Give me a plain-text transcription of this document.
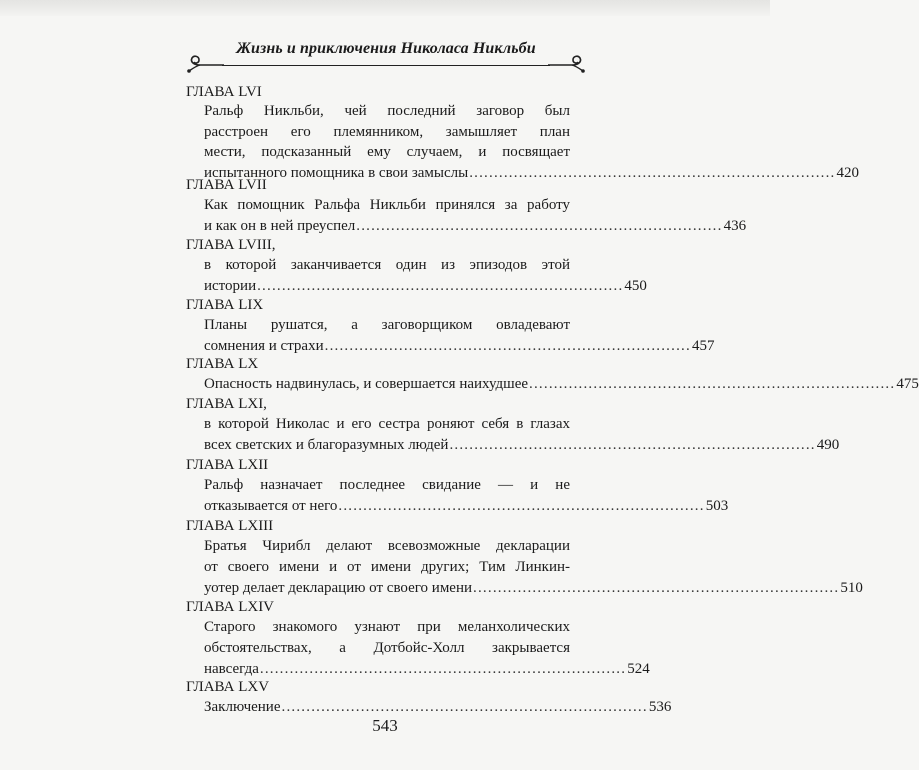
Жизнь и приключения Николаса Никльби
ГЛАВА LVI
Ральф Никльби, чей последний заговор был
расстроен его племянником, замышляет план
мести, подсказанный ему случаем, и посвящает
испытанного помощника в свои замыслы .......................................................................... 420
ГЛАВА LVII
Как помощник Ральфа Никльби принялся за работу
и как он в ней преуспел .......................................................................... 436
ГЛАВА LVIII,
в которой заканчивается один из эпизодов этой
истории .......................................................................... 450
ГЛАВА LIX
Планы рушатся, а заговорщиком овладевают
сомнения и страхи .......................................................................... 457
ГЛАВА LX
Опасность надвинулась, и совершается наихудшее .......................................................................... 475
ГЛАВА LXI,
в которой Николас и его сестра роняют себя в глазах
всех светских и благоразумных людей .......................................................................... 490
ГЛАВА LXII
Ральф назначает последнее свидание — и не
отказывается от него .......................................................................... 503
ГЛАВА LXIII
Братья Чирибл делают всевозможные декларации
от своего имени и от имени других; Тим Линкин-
уотер делает декларацию от своего имени .......................................................................... 510
ГЛАВА LXIV
Старого знакомого узнают при меланхолических
обстоятельствах, а Дотбойс-Холл закрывается
навсегда .......................................................................... 524
ГЛАВА LXV
Заключение .......................................................................... 536
543
